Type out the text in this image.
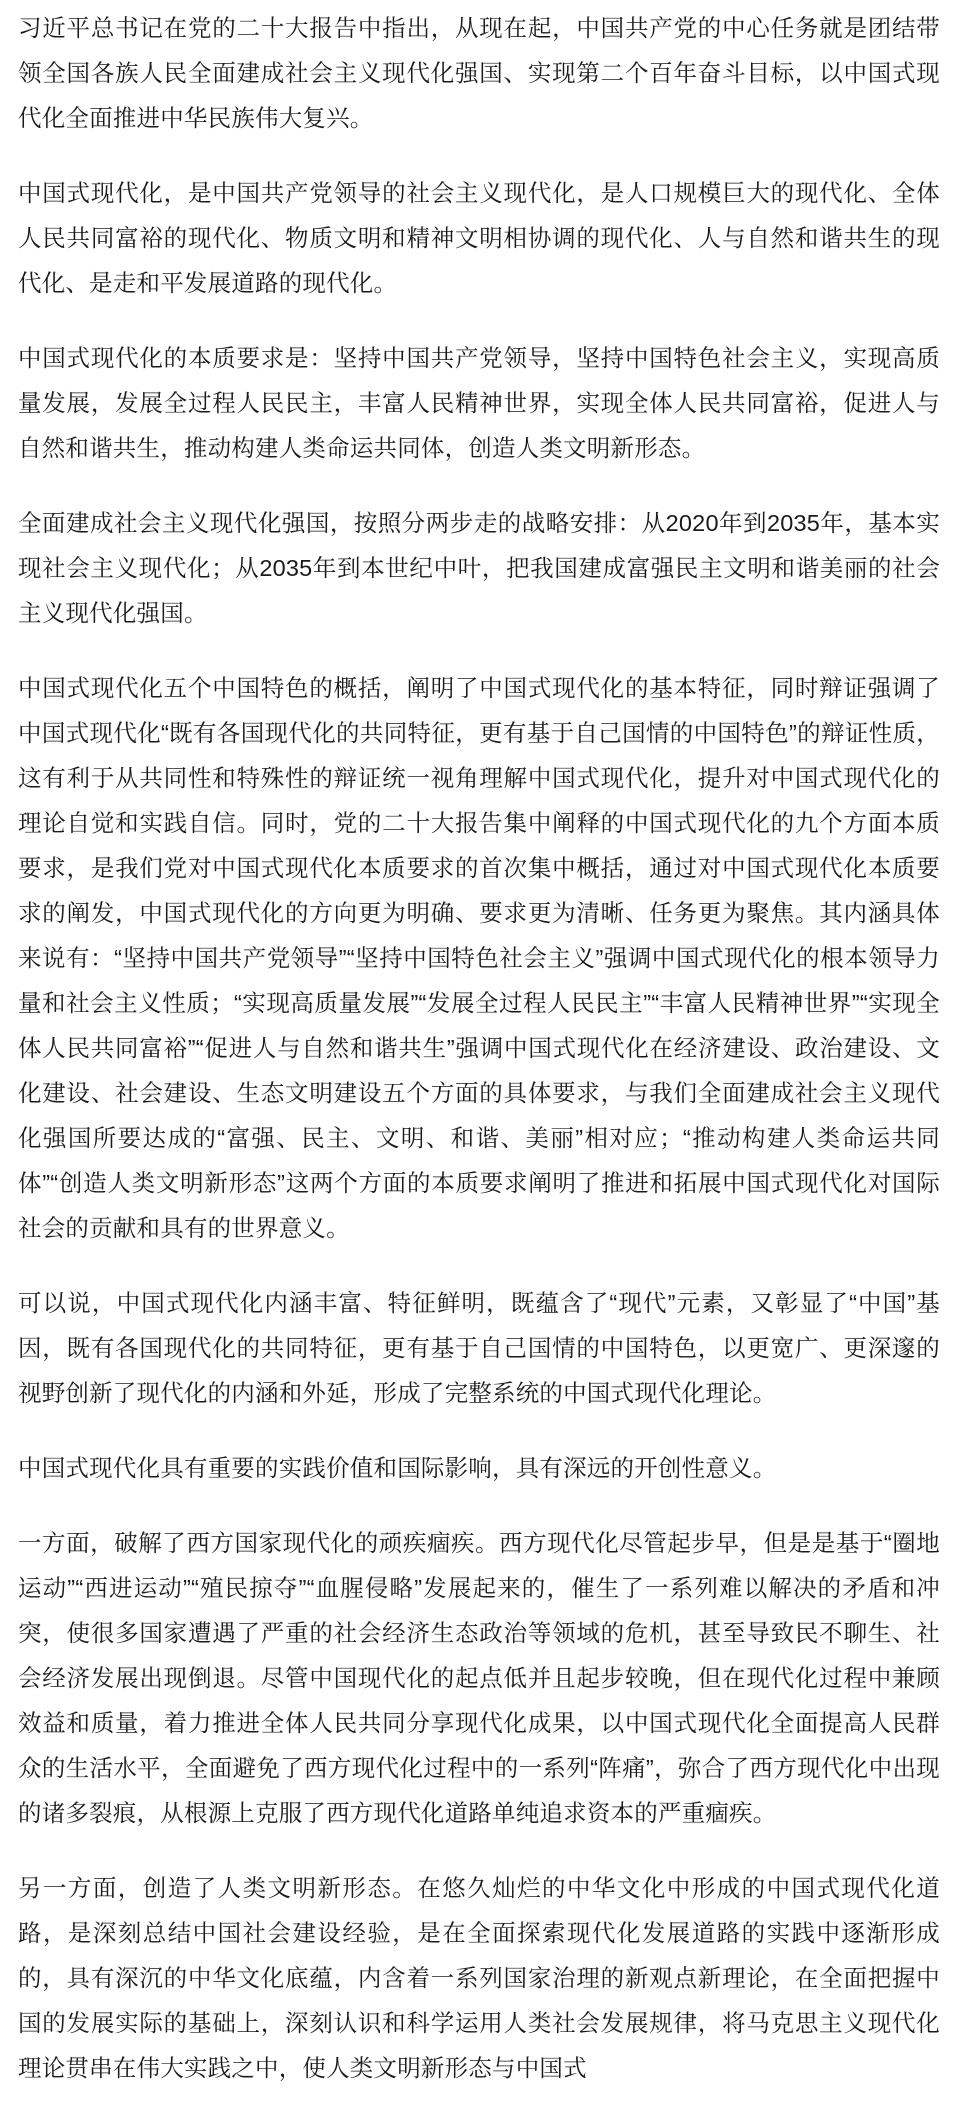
习近平总书记在党的二十大报告中指出，从现在起，中国共产党的中心任务就是团结带领全国各族人民全面建成社会主义现代化强国、实现第二个百年奋斗目标，以中国式现代化全面推进中华民族伟大复兴。

中国式现代化，是中国共产党领导的社会主义现代化，是人口规模巨大的现代化、全体人民共同富裕的现代化、物质文明和精神文明相协调的现代化、人与自然和谐共生的现代化、是走和平发展道路的现代化。

中国式现代化的本质要求是：坚持中国共产党领导，坚持中国特色社会主义，实现高质量发展，发展全过程人民民主，丰富人民精神世界，实现全体人民共同富裕，促进人与自然和谐共生，推动构建人类命运共同体，创造人类文明新形态。

全面建成社会主义现代化强国，按照分两步走的战略安排：从2020年到2035年，基本实现社会主义现代化；从2035年到本世纪中叶，把我国建成富强民主文明和谐美丽的社会主义现代化强国。

中国式现代化五个中国特色的概括，阐明了中国式现代化的基本特征，同时辩证强调了中国式现代化“既有各国现代化的共同特征，更有基于自己国情的中国特色”的辩证性质，这有利于从共同性和特殊性的辩证统一视角理解中国式现代化，提升对中国式现代化的理论自觉和实践自信。同时，党的二十大报告集中阐释的中国式现代化的九个方面本质要求，是我们党对中国式现代化本质要求的首次集中概括，通过对中国式现代化本质要求的阐发，中国式现代化的方向更为明确、要求更为清晰、任务更为聚焦。其内涵具体来说有：“坚持中国共产党领导”“坚持中国特色社会主义”强调中国式现代化的根本领导力量和社会主义性质；“实现高质量发展”“发展全过程人民民主”“丰富人民精神世界”“实现全体人民共同富裕”“促进人与自然和谐共生”强调中国式现代化在经济建设、政治建设、文化建设、社会建设、生态文明建设五个方面的具体要求，与我们全面建成社会主义现代化强国所要达成的“富强、民主、文明、和谐、美丽”相对应；“推动构建人类命运共同体”“创造人类文明新形态”这两个方面的本质要求阐明了推进和拓展中国式现代化对国际社会的贡献和具有的世界意义。

可以说，中国式现代化内涵丰富、特征鲜明，既蕴含了“现代”元素，又彰显了“中国”基因，既有各国现代化的共同特征，更有基于自己国情的中国特色，以更宽广、更深邃的视野创新了现代化的内涵和外延，形成了完整系统的中国式现代化理论。

中国式现代化具有重要的实践价值和国际影响，具有深远的开创性意义。

一方面，破解了西方国家现代化的顽疾痼疾。西方现代化尽管起步早，但是是基于“圈地运动”“西进运动”“殖民掠夺”“血腥侵略”发展起来的，催生了一系列难以解决的矛盾和冲突，使很多国家遭遇了严重的社会经济生态政治等领域的危机，甚至导致民不聊生、社会经济发展出现倒退。尽管中国现代化的起点低并且起步较晚，但在现代化过程中兼顾效益和质量，着力推进全体人民共同分享现代化成果，以中国式现代化全面提高人民群众的生活水平，全面避免了西方现代化过程中的一系列“阵痛”，弥合了西方现代化中出现的诸多裂痕，从根源上克服了西方现代化道路单纯追求资本的严重痼疾。

另一方面，创造了人类文明新形态。在悠久灿烂的中华文化中形成的中国式现代化道路，是深刻总结中国社会建设经验，是在全面探索现代化发展道路的实践中逐渐形成的，具有深沉的中华文化底蕴，内含着一系列国家治理的新观点新理论，在全面把握中国的发展实际的基础上，深刻认识和科学运用人类社会发展规律，将马克思主义现代化理论贯串在伟大实践之中，使人类文明新形态与中国式
